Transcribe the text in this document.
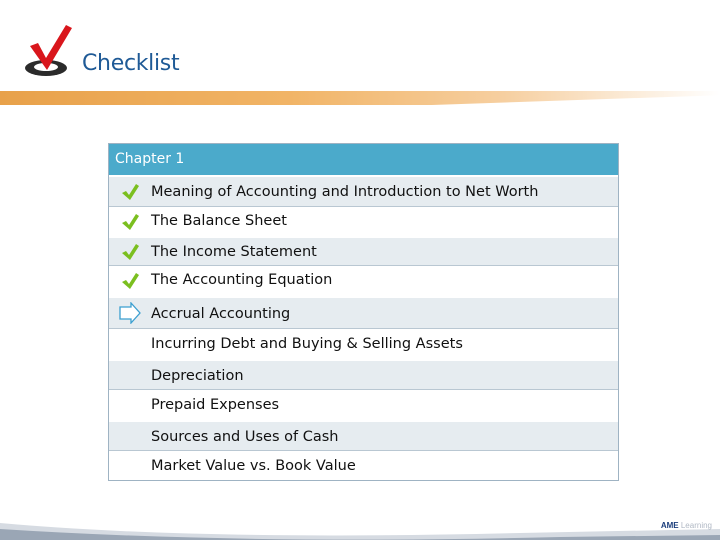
Checklist
Chapter 1
Meaning of Accounting and Introduction to Net Worth
The Balance Sheet
The Income Statement
The Accounting Equation
Accrual Accounting
Incurring Debt and Buying & Selling Assets
Depreciation
Prepaid Expenses
Sources and Uses of Cash
Market Value vs. Book Value
AME Learning
